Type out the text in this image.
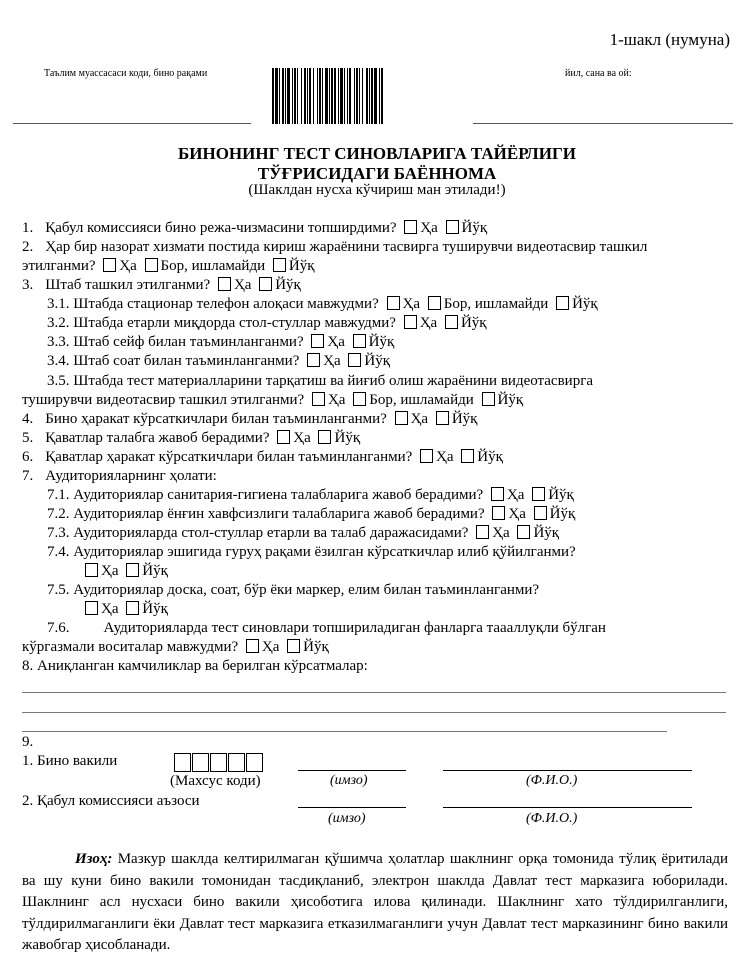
1-шакл (нумуна)
Таълим муассасаси коди, бино рақами	йил, сана ва ой:
БИНОНИНГ ТЕСТ СИНОВЛАРИГА ТАЙЁРЛИГИ
ТЎҒРИСИДАГИ БАЁННОМА
(Шаклдан нусха кўчириш ман этилади!)
1. Қабул комиссияси бино режа-чизмасини топширдими? Ҳа Йўқ
2. Ҳар бир назорат хизмати постида кириш жараёнини тасвирга туширувчи видеотасвир ташкил
этилганми? Ҳа Бор, ишламайди Йўқ
3. Штаб ташкил этилганми? Ҳа Йўқ
3.1. Штабда стационар телефон алоқаси мавжудми? Ҳа Бор, ишламайди Йўқ
3.2. Штабда етарли миқдорда стол-стуллар мавжудми? Ҳа Йўқ
3.3. Штаб сейф билан таъминланганми? Ҳа Йўқ
3.4. Штаб соат билан таъминланганми? Ҳа Йўқ
3.5. Штабда тест материалларини тарқатиш ва йиғиб олиш жараёнини видеотасвирга
туширувчи видеотасвир ташкил этилганми? Ҳа Бор, ишламайди Йўқ
4. Бино ҳаракат кўрсаткичлари билан таъминланганми? Ҳа Йўқ
5. Қаватлар талабга жавоб берадими? Ҳа Йўқ
6. Қаватлар ҳаракат кўрсаткичлари билан таъминланганми? Ҳа Йўқ
7. Аудиторияларнинг ҳолати:
7.1. Аудиториялар санитария-гигиена талабларига жавоб берадими? Ҳа Йўқ
7.2. Аудиториялар ёнғин хавфсизлиги талабларига жавоб берадими? Ҳа Йўқ
7.3. Аудиторияларда стол-стуллар етарли ва талаб даражасидами? Ҳа Йўқ
7.4. Аудиториялар эшигида гуруҳ рақами ёзилган кўрсаткичлар илиб қўйилганми?
Ҳа Йўқ
7.5. Аудиториялар доска, соат, бўр ёки маркер, елим билан таъминланганми?
Ҳа Йўқ
7.6. Аудиторияларда тест синовлари топшириладиган фанларга таааллуқли бўлган
кўргазмали воситалар мавжудми? Ҳа Йўқ
8. Аниқланган камчиликлар ва берилган кўрсатмалар:
9.
1. Бино вакили
(Махсус коди)	(имзо)	(Ф.И.О.)
2. Қабул комиссияси аъзоси
(имзо)	(Ф.И.О.)
Изоҳ: Мазкур шаклда келтирилмаган қўшимча ҳолатлар шаклнинг орқа томонида тўлиқ ёритилади ва шу куни бино вакили томонидан тасдиқланиб, электрон шаклда Давлат тест марказига юборилади. Шаклнинг асл нусхаси бино вакили ҳисоботига илова қилинади. Шаклнинг хато тўлдирилганлиги, тўлдирилмаганлиги ёки Давлат тест марказига етказилмаганлиги учун Давлат тест марказининг бино вакили жавобгар ҳисобланади.
